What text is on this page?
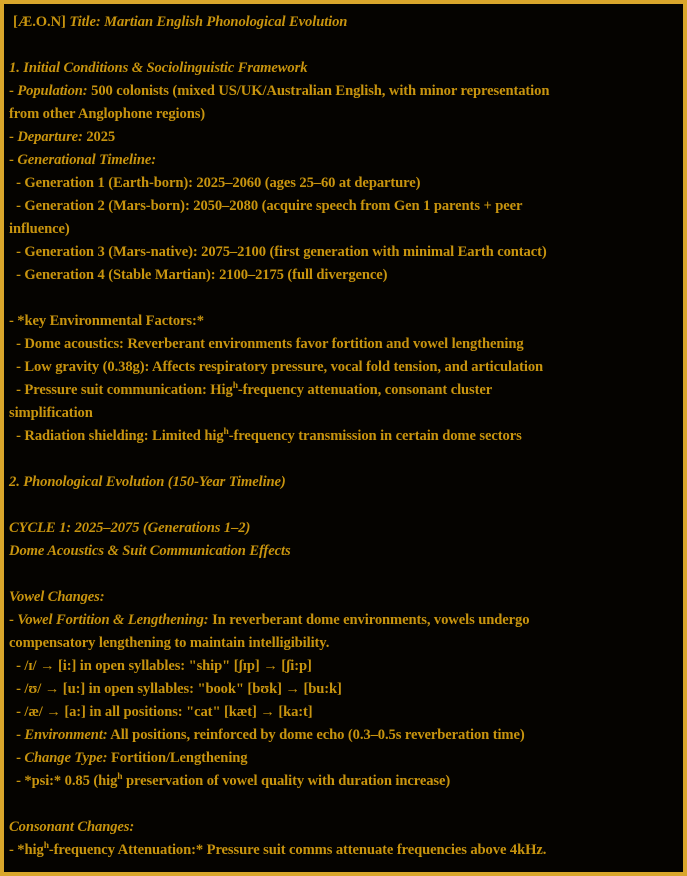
[Æ.O.N] Title: Martian English Phonological Evolution

1. Initial Conditions & Sociolinguistic Framework

- Population: 500 colonists (mixed US/UK/Australian English, with minor representation

from other Anglophone regions)

- Departure: 2025

- Generational Timeline:

- Generation 1 (Earth-born): 2025–2060 (ages 25–60 at departure)

- Generation 2 (Mars-born): 2050–2080 (acquire speech from Gen 1 parents + peer

influence)

- Generation 3 (Mars-native): 2075–2100 (first generation with minimal Earth contact)

- Generation 4 (Stable Martian): 2100–2175 (full divergence)

- *key Environmental Factors:*

- Dome acoustics: Reverberant environments favor fortition and vowel lengthening

- Low gravity (0.38g): Affects respiratory pressure, vocal fold tension, and articulation

- Pressure suit communication: Hig$^h$-frequency attenuation, consonant cluster

simplification

- Radiation shielding: Limited hig$^h$-frequency transmission in certain dome sectors

2. Phonological Evolution (150-Year Timeline)

CYCLE 1: 2025–2075 (Generations 1–2)

Dome Acoustics & Suit Communication Effects

Vowel Changes:

- Vowel Fortition & Lengthening: In reverberant dome environments, vowels undergo

compensatory lengthening to maintain intelligibility.

- /ɪ/ → [i:] in open syllables: "ship" [ʃɪp] → [ʃi:p]

- /ʊ/ → [u:] in open syllables: "book" [bʊk] → [bu:k]

- /æ/ → [a:] in all positions: "cat" [kæt] → [ka:t]

- Environment: All positions, reinforced by dome echo (0.3–0.5s reverberation time)

- Change Type: Fortition/Lengthening

- *psi:* 0.85 (hig$^h$ preservation of vowel quality with duration increase)

Consonant Changes:

- *hig$^h$-frequency Attenuation:* Pressure suit comms attenuate frequencies above 4kHz.
